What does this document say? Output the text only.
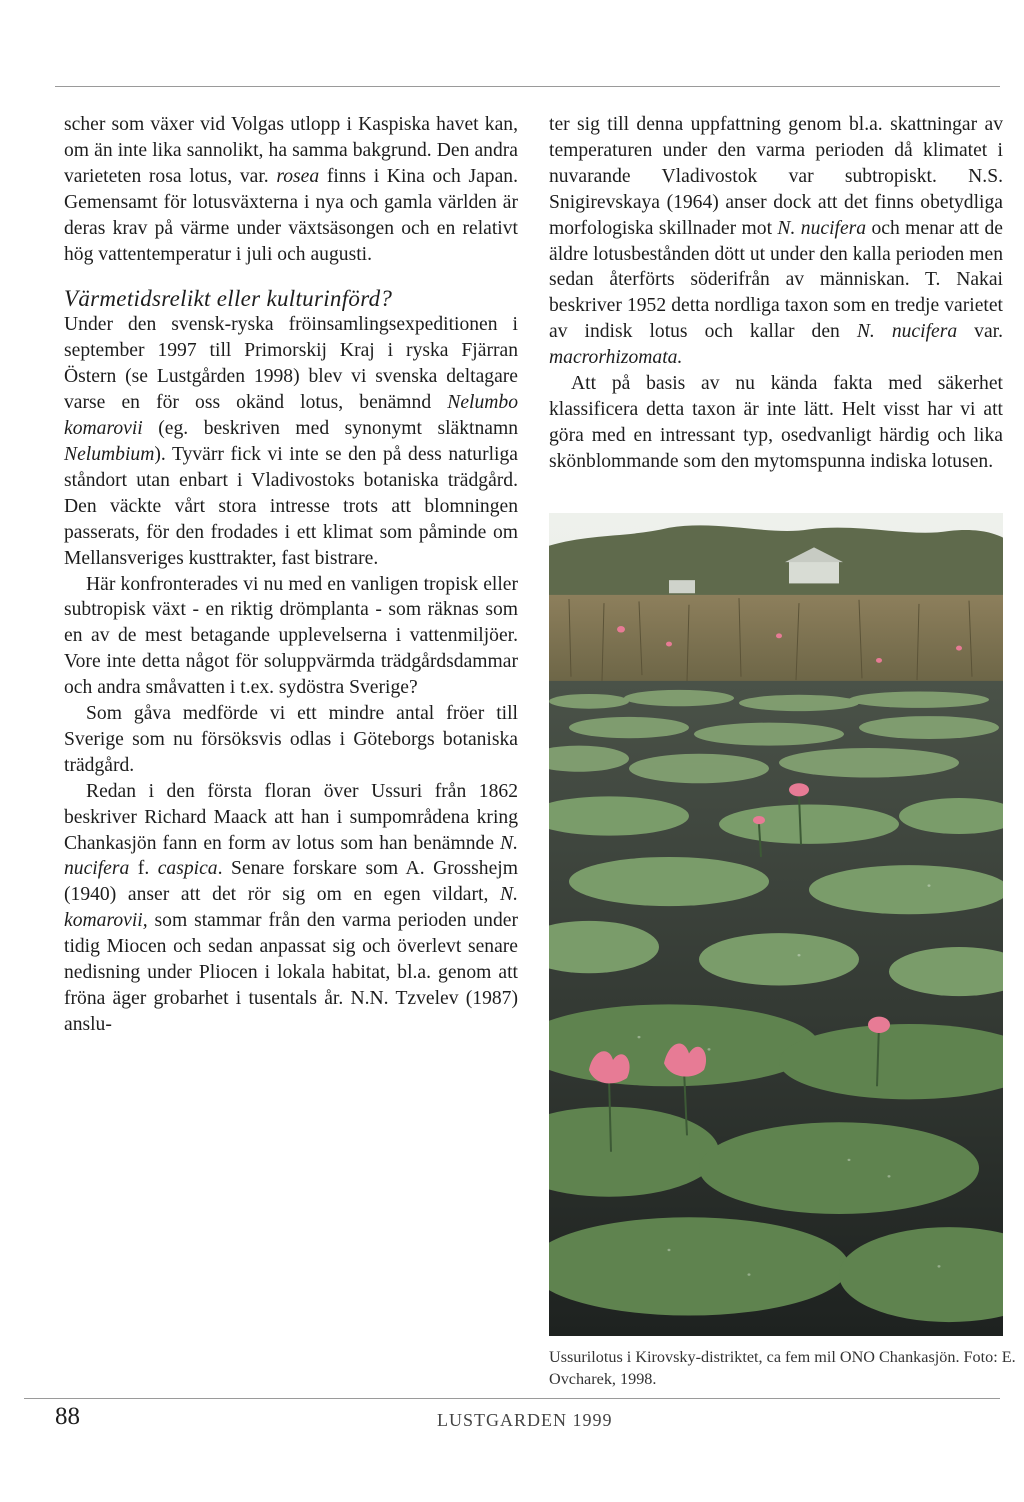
scher som växer vid Volgas utlopp i Kaspiska havet kan, om än inte lika sannolikt, ha samma bakgrund. Den andra varieteten rosa lotus, var. rosea finns i Kina och Japan. Gemensamt för lotusväxterna i nya och gamla världen är deras krav på värme under växtsäsongen och en relativt hög vattentemperatur i juli och augusti.

Värmetidsrelikt eller kulturinförd?

Under den svensk-ryska fröinsamlingsexpeditionen i september 1997 till Primorskij Kraj i ryska Fjärran Östern (se Lustgården 1998) blev vi svenska deltagare varse en för oss okänd lotus, benämnd Nelumbo komarovii (eg. beskriven med synonymt släktnamn Nelumbium). Tyvärr fick vi inte se den på dess naturliga ståndort utan enbart i Vladivostoks botaniska trädgård. Den väckte vårt stora intresse trots att blomningen passerats, för den frodades i ett klimat som påminde om Mellansveriges kusttrakter, fast bistrare.

Här konfronterades vi nu med en vanligen tropisk eller subtropisk växt - en riktig drömplanta - som räknas som en av de mest betagande upplevelserna i vattenmiljöer. Vore inte detta något för soluppvärmda trädgårdsdammar och andra småvatten i t.ex. sydöstra Sverige?

Som gåva medförde vi ett mindre antal fröer till Sverige som nu försöksvis odlas i Göteborgs botaniska trädgård.

Redan i den första floran över Ussuri från 1862 beskriver Richard Maack att han i sumpområdena kring Chankasjön fann en form av lotus som han benämnde N. nucifera f. caspica. Senare forskare som A. Grosshejm (1940) anser att det rör sig om en egen vildart, N. komarovii, som stammar från den varma perioden under tidig Miocen och sedan anpassat sig och överlevt senare nedisning under Pliocen i lokala habitat, bl.a. genom att fröna äger grobarhet i tusentals år. N.N. Tzvelev (1987) anslu-

ter sig till denna uppfattning genom bl.a. skattningar av temperaturen under den varma perioden då klimatet i nuvarande Vladivostok var subtropiskt. N.S. Snigirevskaya (1964) anser dock att det finns obetydliga morfologiska skillnader mot N. nucifera och menar att de äldre lotusbestånden dött ut under den kalla perioden men sedan återförts söderifrån av människan. T. Nakai beskriver 1952 detta nordliga taxon som en tredje varietet av indisk lotus och kallar den N. nucifera var. macrorhizomata.

Att på basis av nu kända fakta med säkerhet klassificera detta taxon är inte lätt. Helt visst har vi att göra med en intressant typ, osedvanligt härdig och lika skönblommande som den mytomspunna indiska lotusen.

Ussurilotus i Kirovsky-distriktet, ca fem mil ONO Chankasjön. Foto: E. Ovcharek, 1998.
88	LUSTGARDEN 1999
